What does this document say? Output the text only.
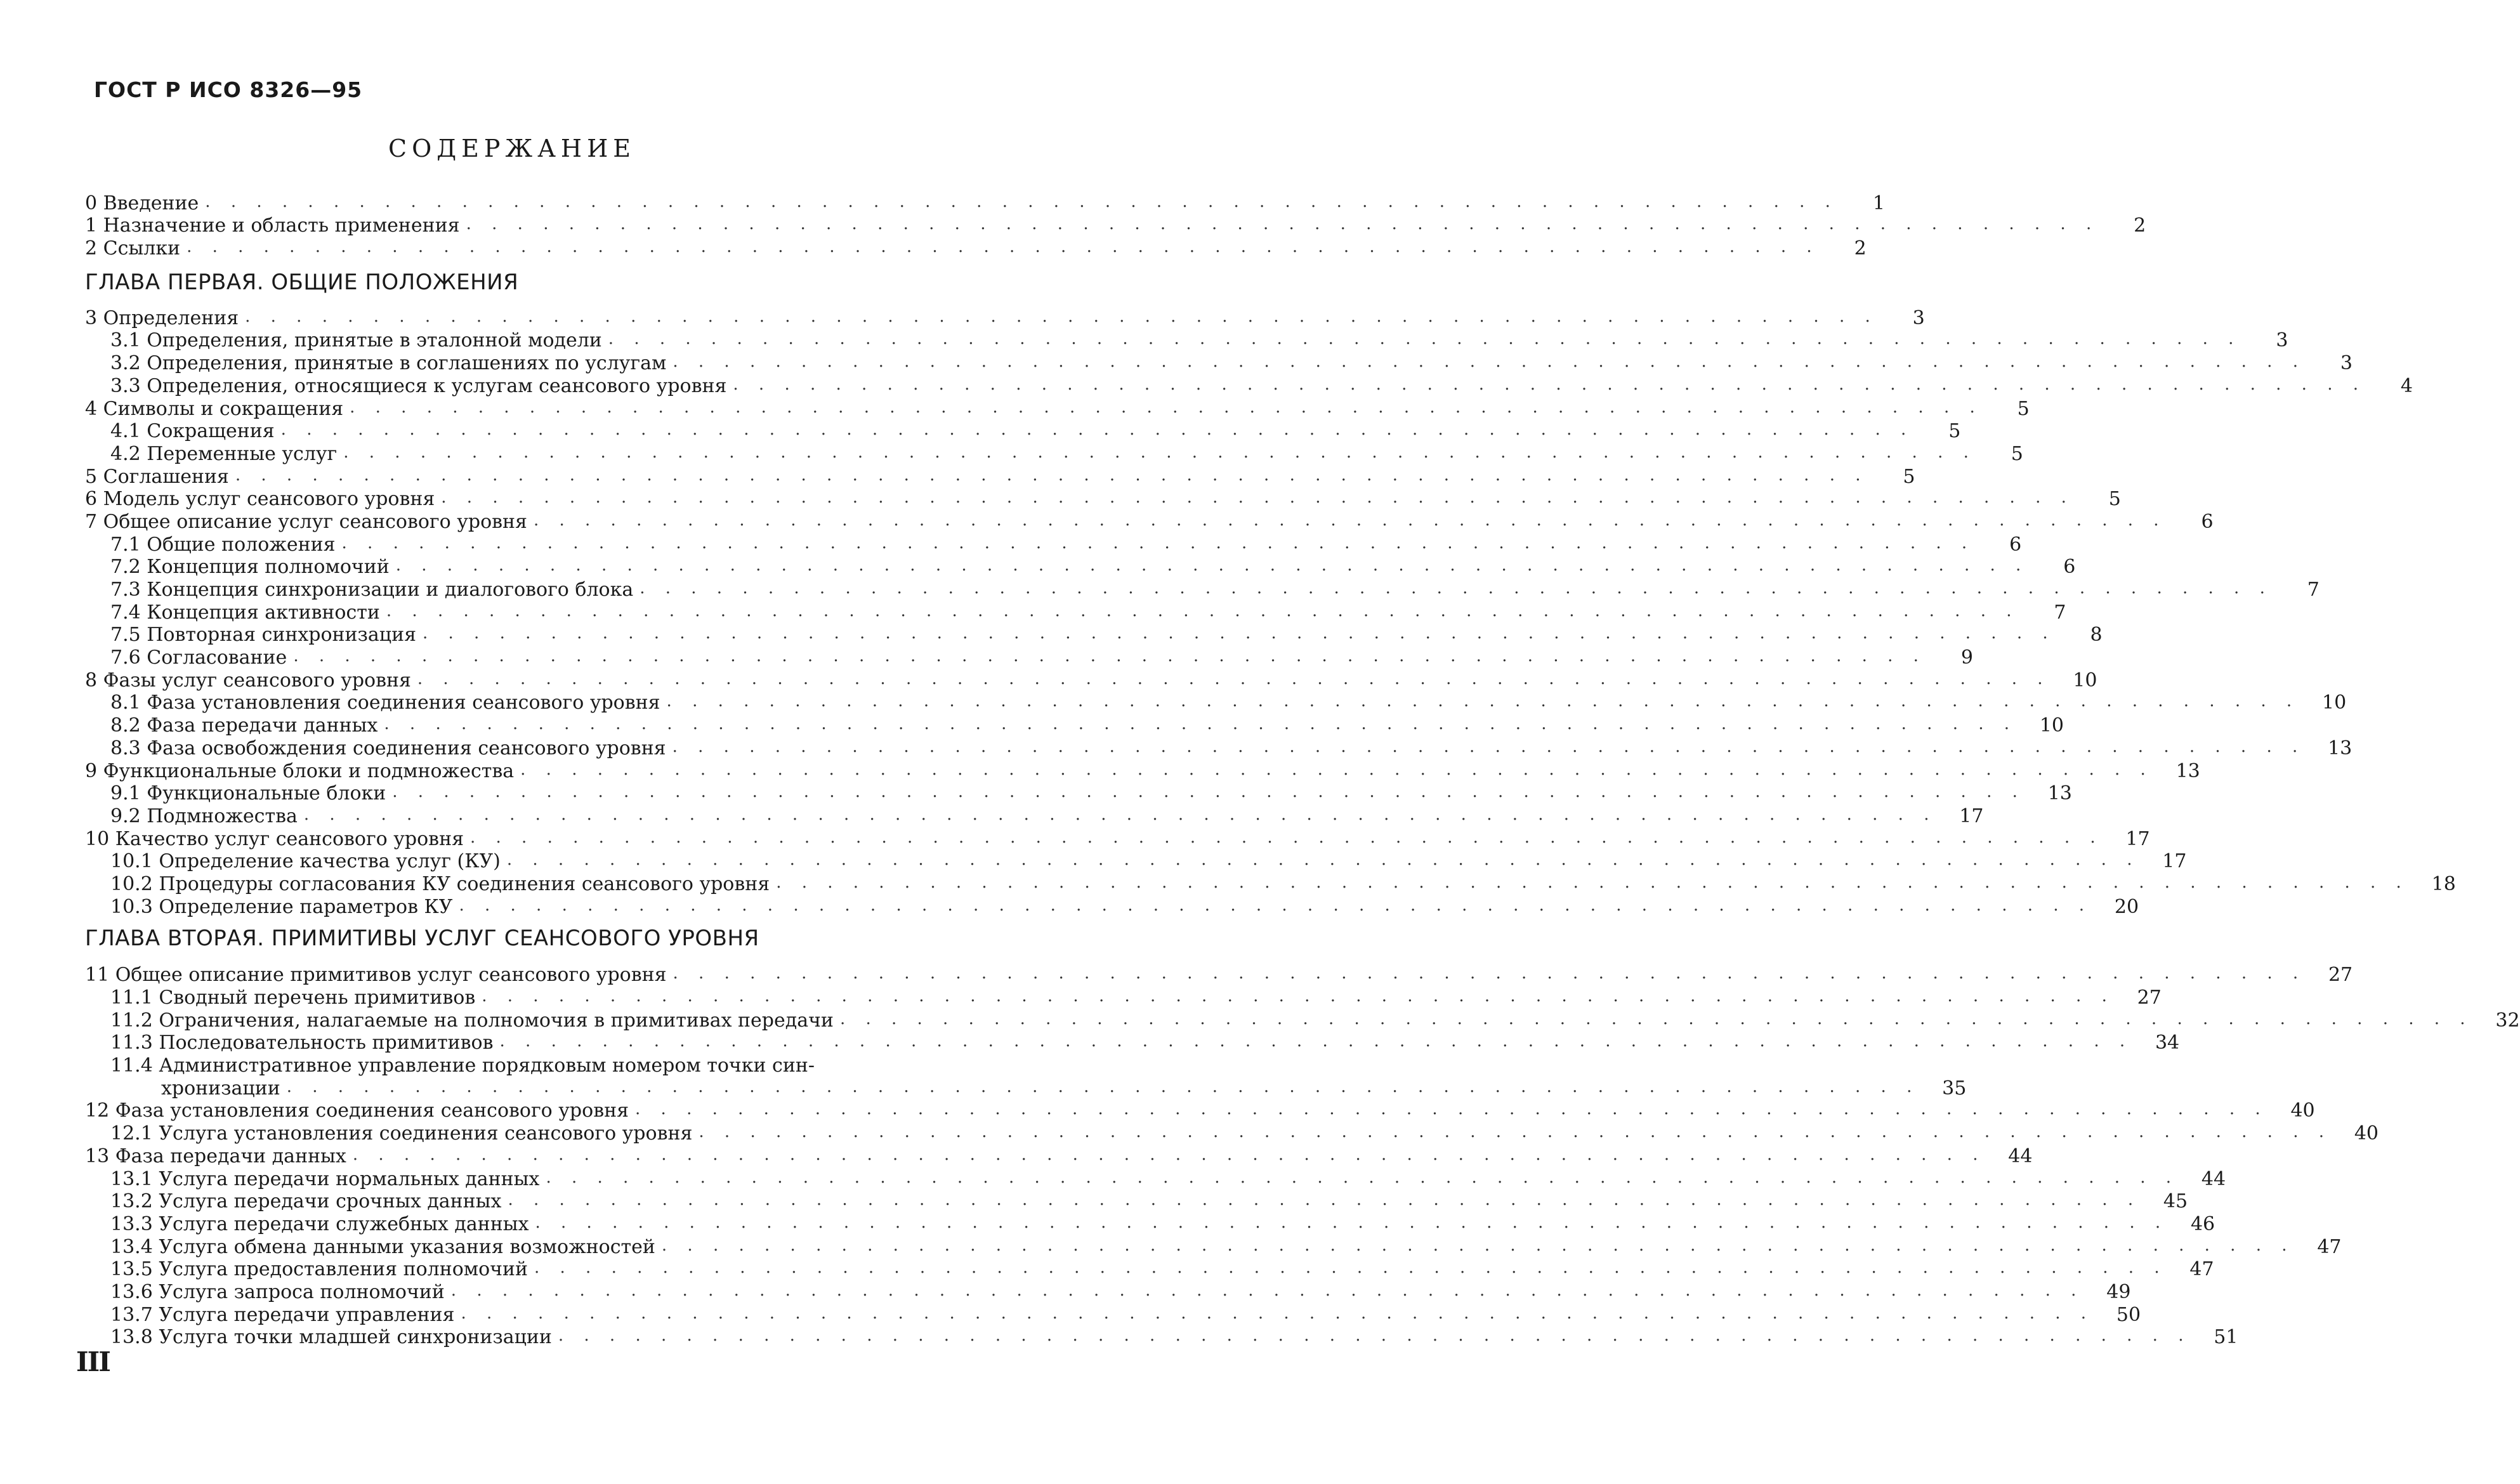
ГОСТ Р ИСО 8326—95
СОДЕРЖАНИЕ
0 Введение . . . . . . . . . . . . . . . . . . . . . . . . . . . . . . . . . . . . . . . . . . . . . . . . . . . . . . . . . . . . . . . .	1
1 Назначение и область применения . . . . . . . . . . . . . . . . . . . . . . . . . . . . . . . . . . . . . . . . . . . . . . . . . . . . . . . . . . . . . . . .	2
2 Ссылки . . . . . . . . . . . . . . . . . . . . . . . . . . . . . . . . . . . . . . . . . . . . . . . . . . . . . . . . . . . . . . . .	2
ГЛАВА ПЕРВАЯ. ОБЩИЕ ПОЛОЖЕНИЯ
3 Определения . . . . . . . . . . . . . . . . . . . . . . . . . . . . . . . . . . . . . . . . . . . . . . . . . . . . . . . . . . . . . . . .	3
3.1 Определения, принятые в эталонной модели . . . . . . . . . . . . . . . . . . . . . . . . . . . . . . . . . . . . . . . . . . . . . . . . . . . . . . . . . . . . . . . .	3
3.2 Определения, принятые в соглашениях по услугам . . . . . . . . . . . . . . . . . . . . . . . . . . . . . . . . . . . . . . . . . . . . . . . . . . . . . . . . . . . . . . . .	3
3.3 Определения, относящиеся к услугам сеансового уровня . . . . . . . . . . . . . . . . . . . . . . . . . . . . . . . . . . . . . . . . . . . . . . . . . . . . . . . . . . . . . . . .	4
4 Символы и сокращения . . . . . . . . . . . . . . . . . . . . . . . . . . . . . . . . . . . . . . . . . . . . . . . . . . . . . . . . . . . . . . . .	5
4.1 Сокращения . . . . . . . . . . . . . . . . . . . . . . . . . . . . . . . . . . . . . . . . . . . . . . . . . . . . . . . . . . . . . . . .	5
4.2 Переменные услуг . . . . . . . . . . . . . . . . . . . . . . . . . . . . . . . . . . . . . . . . . . . . . . . . . . . . . . . . . . . . . . . .	5
5 Соглашения . . . . . . . . . . . . . . . . . . . . . . . . . . . . . . . . . . . . . . . . . . . . . . . . . . . . . . . . . . . . . . . .	5
6 Модель услуг сеансового уровня . . . . . . . . . . . . . . . . . . . . . . . . . . . . . . . . . . . . . . . . . . . . . . . . . . . . . . . . . . . . . . . .	5
7 Общее описание услуг сеансового уровня . . . . . . . . . . . . . . . . . . . . . . . . . . . . . . . . . . . . . . . . . . . . . . . . . . . . . . . . . . . . . . . .	6
7.1 Общие положения . . . . . . . . . . . . . . . . . . . . . . . . . . . . . . . . . . . . . . . . . . . . . . . . . . . . . . . . . . . . . . . .	6
7.2 Концепция полномочий . . . . . . . . . . . . . . . . . . . . . . . . . . . . . . . . . . . . . . . . . . . . . . . . . . . . . . . . . . . . . . . .	6
7.3 Концепция синхронизации и диалогового блока . . . . . . . . . . . . . . . . . . . . . . . . . . . . . . . . . . . . . . . . . . . . . . . . . . . . . . . . . . . . . . . .	7
7.4 Концепция активности . . . . . . . . . . . . . . . . . . . . . . . . . . . . . . . . . . . . . . . . . . . . . . . . . . . . . . . . . . . . . . . .	7
7.5 Повторная синхронизация . . . . . . . . . . . . . . . . . . . . . . . . . . . . . . . . . . . . . . . . . . . . . . . . . . . . . . . . . . . . . . . .	8
7.6 Согласование . . . . . . . . . . . . . . . . . . . . . . . . . . . . . . . . . . . . . . . . . . . . . . . . . . . . . . . . . . . . . . . .	9
8 Фазы услуг сеансового уровня . . . . . . . . . . . . . . . . . . . . . . . . . . . . . . . . . . . . . . . . . . . . . . . . . . . . . . . . . . . . . . . .	10
8.1 Фаза установления соединения сеансового уровня . . . . . . . . . . . . . . . . . . . . . . . . . . . . . . . . . . . . . . . . . . . . . . . . . . . . . . . . . . . . . . . .	10
8.2 Фаза передачи данных . . . . . . . . . . . . . . . . . . . . . . . . . . . . . . . . . . . . . . . . . . . . . . . . . . . . . . . . . . . . . . . .	10
8.3 Фаза освобождения соединения сеансового уровня . . . . . . . . . . . . . . . . . . . . . . . . . . . . . . . . . . . . . . . . . . . . . . . . . . . . . . . . . . . . . . . .	13
9 Функциональные блоки и подмножества . . . . . . . . . . . . . . . . . . . . . . . . . . . . . . . . . . . . . . . . . . . . . . . . . . . . . . . . . . . . . . . .	13
9.1 Функциональные блоки . . . . . . . . . . . . . . . . . . . . . . . . . . . . . . . . . . . . . . . . . . . . . . . . . . . . . . . . . . . . . . . .	13
9.2 Подмножества . . . . . . . . . . . . . . . . . . . . . . . . . . . . . . . . . . . . . . . . . . . . . . . . . . . . . . . . . . . . . . . .	17
10 Качество услуг сеансового уровня . . . . . . . . . . . . . . . . . . . . . . . . . . . . . . . . . . . . . . . . . . . . . . . . . . . . . . . . . . . . . . . .	17
10.1 Определение качества услуг (КУ) . . . . . . . . . . . . . . . . . . . . . . . . . . . . . . . . . . . . . . . . . . . . . . . . . . . . . . . . . . . . . . . .	17
10.2 Процедуры согласования КУ соединения сеансового уровня . . . . . . . . . . . . . . . . . . . . . . . . . . . . . . . . . . . . . . . . . . . . . . . . . . . . . . . . . . . . . . . .	18
10.3 Определение параметров КУ . . . . . . . . . . . . . . . . . . . . . . . . . . . . . . . . . . . . . . . . . . . . . . . . . . . . . . . . . . . . . . . .	20
ГЛАВА ВТОРАЯ. ПРИМИТИВЫ УСЛУГ СЕАНСОВОГО УРОВНЯ
11 Общее описание примитивов услуг сеансового уровня . . . . . . . . . . . . . . . . . . . . . . . . . . . . . . . . . . . . . . . . . . . . . . . . . . . . . . . . . . . . . . . .	27
11.1 Сводный перечень примитивов . . . . . . . . . . . . . . . . . . . . . . . . . . . . . . . . . . . . . . . . . . . . . . . . . . . . . . . . . . . . . . . .	27
11.2 Ограничения, налагаемые на полномочия в примитивах передачи . . . . . . . . . . . . . . . . . . . . . . . . . . . . . . . . . . . . . . . . . . . . . . . . . . . . . . . . . . . . . . . .	32
11.3 Последовательность примитивов . . . . . . . . . . . . . . . . . . . . . . . . . . . . . . . . . . . . . . . . . . . . . . . . . . . . . . . . . . . . . . . .	34
11.4 Административное управление порядковым номером точки син-
хронизации . . . . . . . . . . . . . . . . . . . . . . . . . . . . . . . . . . . . . . . . . . . . . . . . . . . . . . . . . . . . . . . .	35
12 Фаза установления соединения сеансового уровня . . . . . . . . . . . . . . . . . . . . . . . . . . . . . . . . . . . . . . . . . . . . . . . . . . . . . . . . . . . . . . . .	40
12.1 Услуга установления соединения сеансового уровня . . . . . . . . . . . . . . . . . . . . . . . . . . . . . . . . . . . . . . . . . . . . . . . . . . . . . . . . . . . . . . . .	40
13 Фаза передачи данных . . . . . . . . . . . . . . . . . . . . . . . . . . . . . . . . . . . . . . . . . . . . . . . . . . . . . . . . . . . . . . . .	44
13.1 Услуга передачи нормальных данных . . . . . . . . . . . . . . . . . . . . . . . . . . . . . . . . . . . . . . . . . . . . . . . . . . . . . . . . . . . . . . . .	44
13.2 Услуга передачи срочных данных . . . . . . . . . . . . . . . . . . . . . . . . . . . . . . . . . . . . . . . . . . . . . . . . . . . . . . . . . . . . . . . .	45
13.3 Услуга передачи служебных данных . . . . . . . . . . . . . . . . . . . . . . . . . . . . . . . . . . . . . . . . . . . . . . . . . . . . . . . . . . . . . . . .	46
13.4 Услуга обмена данными указания возможностей . . . . . . . . . . . . . . . . . . . . . . . . . . . . . . . . . . . . . . . . . . . . . . . . . . . . . . . . . . . . . . . .	47
13.5 Услуга предоставления полномочий . . . . . . . . . . . . . . . . . . . . . . . . . . . . . . . . . . . . . . . . . . . . . . . . . . . . . . . . . . . . . . . .	47
13.6 Услуга запроса полномочий . . . . . . . . . . . . . . . . . . . . . . . . . . . . . . . . . . . . . . . . . . . . . . . . . . . . . . . . . . . . . . . .	49
13.7 Услуга передачи управления . . . . . . . . . . . . . . . . . . . . . . . . . . . . . . . . . . . . . . . . . . . . . . . . . . . . . . . . . . . . . . . .	50
13.8 Услуга точки младшей синхронизации . . . . . . . . . . . . . . . . . . . . . . . . . . . . . . . . . . . . . . . . . . . . . . . . . . . . . . . . . . . . . . . .	51
III
